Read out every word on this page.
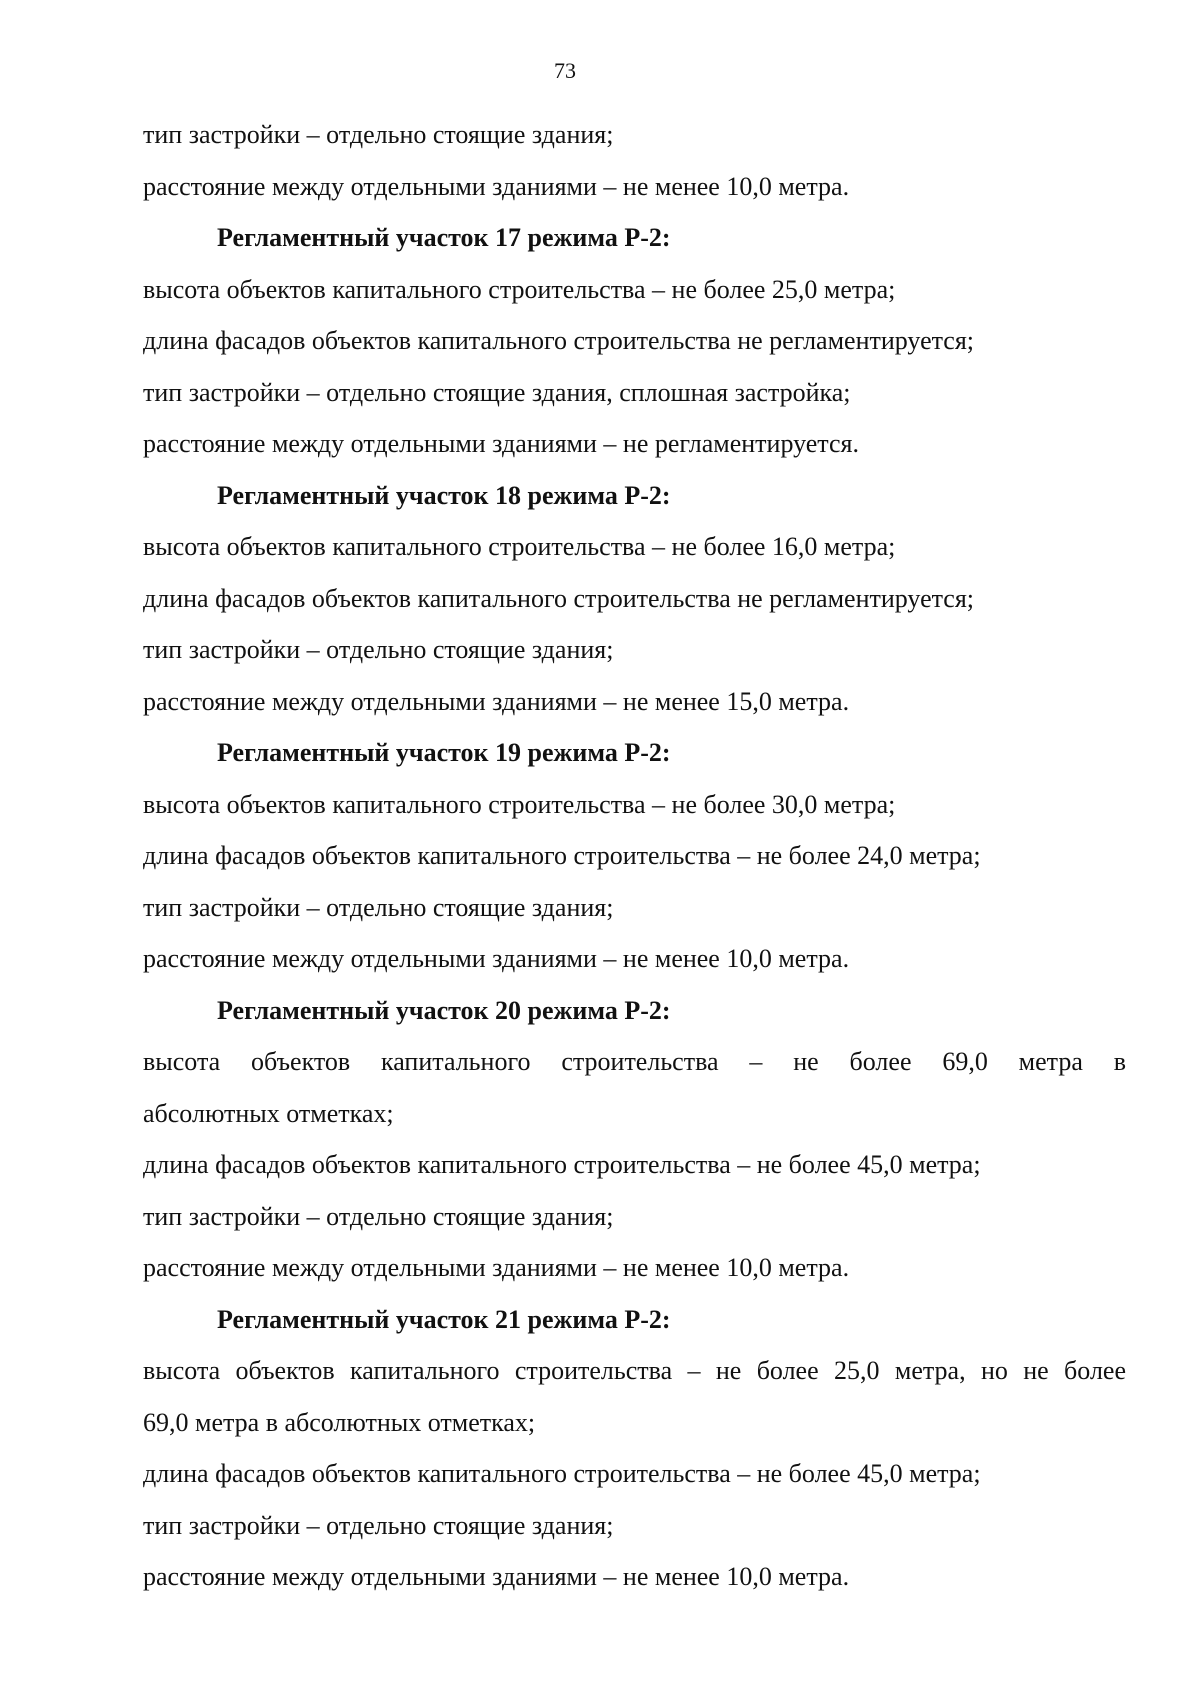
73
тип застройки – отдельно стоящие здания;
расстояние между отдельными зданиями – не менее 10,0 метра.
Регламентный участок 17 режима Р-2:
высота объектов капитального строительства – не более 25,0 метра;
длина фасадов объектов капитального строительства не регламентируется;
тип застройки – отдельно стоящие здания, сплошная застройка;
расстояние между отдельными зданиями – не регламентируется.
Регламентный участок 18 режима Р-2:
высота объектов капитального строительства – не более 16,0 метра;
длина фасадов объектов капитального строительства не регламентируется;
тип застройки – отдельно стоящие здания;
расстояние между отдельными зданиями – не менее 15,0 метра.
Регламентный участок 19 режима Р-2:
высота объектов капитального строительства – не более 30,0 метра;
длина фасадов объектов капитального строительства – не более 24,0 метра;
тип застройки – отдельно стоящие здания;
расстояние между отдельными зданиями – не менее 10,0 метра.
Регламентный участок 20 режима Р-2:
высота объектов капитального строительства – не более 69,0 метра в
абсолютных отметках;
длина фасадов объектов капитального строительства – не более 45,0 метра;
тип застройки – отдельно стоящие здания;
расстояние между отдельными зданиями – не менее 10,0 метра.
Регламентный участок 21 режима Р-2:
высота объектов капитального строительства – не более 25,0 метра, но не более
69,0 метра в абсолютных отметках;
длина фасадов объектов капитального строительства – не более 45,0 метра;
тип застройки – отдельно стоящие здания;
расстояние между отдельными зданиями – не менее 10,0 метра.
